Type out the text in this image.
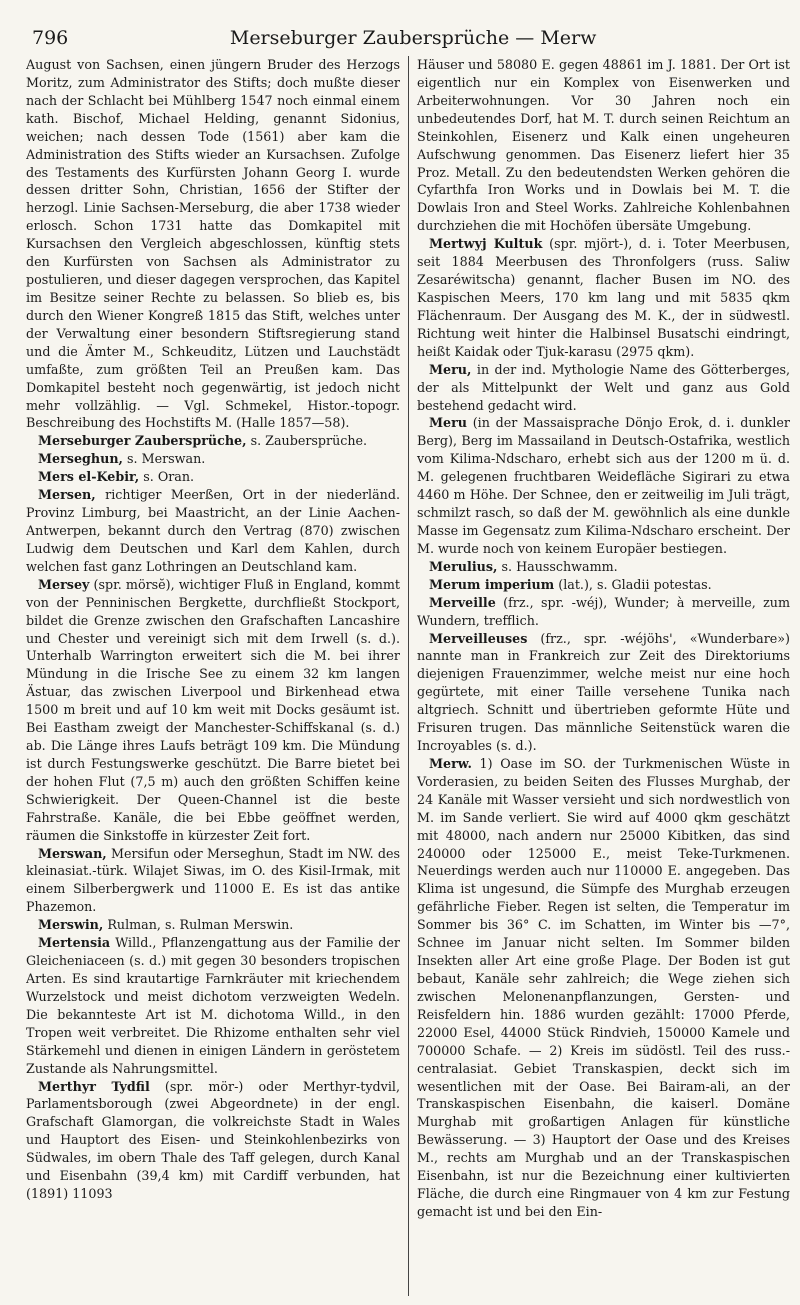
796	Merseburger Zaubersprüche — Merw

August von Sachsen, einen jüngern Bruder des Herzogs Moritz, zum Administrator des Stifts; doch mußte dieser nach der Schlacht bei Mühlberg 1547 noch einmal einem kath. Bischof, Michael Helding, genannt Sidonius, weichen; nach dessen Tode (1561) aber kam die Administration des Stifts wieder an Kursachsen. Zufolge des Testaments des Kurfürsten Johann Georg I. wurde dessen dritter Sohn, Christian, 1656 der Stifter der herzogl. Linie Sachsen-Merseburg, die aber 1738 wieder erlosch. Schon 1731 hatte das Domkapitel mit Kursachsen den Vergleich abgeschlossen, künftig stets den Kurfürsten von Sachsen als Administrator zu postulieren, und dieser dagegen versprochen, das Kapitel im Besitze seiner Rechte zu belassen. So blieb es, bis durch den Wiener Kongreß 1815 das Stift, welches unter der Verwaltung einer besondern Stiftsregierung stand und die Ämter M., Schkeuditz, Lützen und Lauchstädt umfaßte, zum größten Teil an Preußen kam. Das Domkapitel besteht noch gegenwärtig, ist jedoch nicht mehr vollzählig. — Vgl. Schmekel, Histor.-topogr. Beschreibung des Hochstifts M. (Halle 1857—58).

Merseburger Zaubersprüche, s. Zaubersprüche.

Merseghun, s. Merswan.

Mers el-Kebir, s. Oran.

Mersen, richtiger Meerßen, Ort in der niederländ. Provinz Limburg, bei Maastricht, an der Linie Aachen-Antwerpen, bekannt durch den Vertrag (870) zwischen Ludwig dem Deutschen und Karl dem Kahlen, durch welchen fast ganz Lothringen an Deutschland kam.

Mersey (spr. mörsĕ), wichtiger Fluß in England, kommt von der Penninischen Bergkette, durchfließt Stockport, bildet die Grenze zwischen den Grafschaften Lancashire und Chester und vereinigt sich mit dem Irwell (s. d.). Unterhalb Warrington erweitert sich die M. bei ihrer Mündung in die Irische See zu einem 32 km langen Ästuar, das zwischen Liverpool und Birkenhead etwa 1500 m breit und auf 10 km weit mit Docks gesäumt ist. Bei Eastham zweigt der Manchester-Schiffskanal (s. d.) ab. Die Länge ihres Laufs beträgt 109 km. Die Mündung ist durch Festungswerke geschützt. Die Barre bietet bei der hohen Flut (7,5 m) auch den größten Schiffen keine Schwierigkeit. Der Queen-Channel ist die beste Fahrstraße. Kanäle, die bei Ebbe geöffnet werden, räumen die Sinkstoffe in kürzester Zeit fort.

Merswan, Mersifun oder Merseghun, Stadt im NW. des kleinasiat.-türk. Wilajet Siwas, im O. des Kisil-Irmak, mit einem Silberbergwerk und 11000 E. Es ist das antike Phazemon.

Merswin, Rulman, s. Rulman Merswin.

Mertensia Willd., Pflanzengattung aus der Familie der Gleicheniaceen (s. d.) mit gegen 30 besonders tropischen Arten. Es sind krautartige Farnkräuter mit kriechendem Wurzelstock und meist dichotom verzweigten Wedeln. Die bekannteste Art ist M. dichotoma Willd., in den Tropen weit verbreitet. Die Rhizome enthalten sehr viel Stärkemehl und dienen in einigen Ländern in geröstetem Zustande als Nahrungsmittel.

Merthyr Tydfil (spr. mör-) oder Merthyr-tydvil, Parlamentsborough (zwei Abgeordnete) in der engl. Grafschaft Glamorgan, die volkreichste Stadt in Wales und Hauptort des Eisen- und Steinkohlenbezirks von Südwales, im obern Thale des Taff gelegen, durch Kanal und Eisenbahn (39,4 km) mit Cardiff verbunden, hat (1891) 11093

Häuser und 58080 E. gegen 48861 im J. 1881. Der Ort ist eigentlich nur ein Komplex von Eisenwerken und Arbeiterwohnungen. Vor 30 Jahren noch ein unbedeutendes Dorf, hat M. T. durch seinen Reichtum an Steinkohlen, Eisenerz und Kalk einen ungeheuren Aufschwung genommen. Das Eisenerz liefert hier 35 Proz. Metall. Zu den bedeutendsten Werken gehören die Cyfarthfa Iron Works und in Dowlais bei M. T. die Dowlais Iron and Steel Works. Zahlreiche Kohlenbahnen durchziehen die mit Hochöfen übersäte Umgebung.

Mertwyj Kultuk (spr. mjört-), d. i. Toter Meerbusen, seit 1884 Meerbusen des Thronfolgers (russ. Saliw Zesaréwitscha) genannt, flacher Busen im NO. des Kaspischen Meers, 170 km lang und mit 5835 qkm Flächenraum. Der Ausgang des M. K., der in südwestl. Richtung weit hinter die Halbinsel Busatschi eindringt, heißt Kaidak oder Tjuk-karasu (2975 qkm).

Meru, in der ind. Mythologie Name des Götterberges, der als Mittelpunkt der Welt und ganz aus Gold bestehend gedacht wird.

Meru (in der Massaisprache Dönjo Erok, d. i. dunkler Berg), Berg im Massailand in Deutsch-Ostafrika, westlich vom Kilima-Ndscharo, erhebt sich aus der 1200 m ü. d. M. gelegenen fruchtbaren Weidefläche Sigirari zu etwa 4460 m Höhe. Der Schnee, den er zeitweilig im Juli trägt, schmilzt rasch, so daß der M. gewöhnlich als eine dunkle Masse im Gegensatz zum Kilima-Ndscharo erscheint. Der M. wurde noch von keinem Europäer bestiegen.

Merulius, s. Hausschwamm.

Merum imperium (lat.), s. Gladii potestas.

Merveille (frz., spr. -wéj), Wunder; à merveille, zum Wundern, trefflich.

Merveilleuses (frz., spr. -wéjöhs', «Wunderbare») nannte man in Frankreich zur Zeit des Direktoriums diejenigen Frauenzimmer, welche meist nur eine hoch gegürtete, mit einer Taille versehene Tunika nach altgriech. Schnitt und übertrieben geformte Hüte und Frisuren trugen. Das männliche Seitenstück waren die Incroyables (s. d.).

Merw. 1) Oase im SO. der Turkmenischen Wüste in Vorderasien, zu beiden Seiten des Flusses Murghab, der 24 Kanäle mit Wasser versieht und sich nordwestlich von M. im Sande verliert. Sie wird auf 4000 qkm geschätzt mit 48000, nach andern nur 25000 Kibitken, das sind 240000 oder 125000 E., meist Teke-Turkmenen. Neuerdings werden auch nur 110000 E. angegeben. Das Klima ist ungesund, die Sümpfe des Murghab erzeugen gefährliche Fieber. Regen ist selten, die Temperatur im Sommer bis 36° C. im Schatten, im Winter bis —7°, Schnee im Januar nicht selten. Im Sommer bilden Insekten aller Art eine große Plage. Der Boden ist gut bebaut, Kanäle sehr zahlreich; die Wege ziehen sich zwischen Melonenanpflanzungen, Gersten- und Reisfeldern hin. 1886 wurden gezählt: 17000 Pferde, 22000 Esel, 44000 Stück Rindvieh, 150000 Kamele und 700000 Schafe. — 2) Kreis im südöstl. Teil des russ.-centralasiat. Gebiet Transkaspien, deckt sich im wesentlichen mit der Oase. Bei Bairam-ali, an der Transkaspischen Eisenbahn, die kaiserl. Domäne Murghab mit großartigen Anlagen für künstliche Bewässerung. — 3) Hauptort der Oase und des Kreises M., rechts am Murghab und an der Transkaspischen Eisenbahn, ist nur die Bezeichnung einer kultivierten Fläche, die durch eine Ringmauer von 4 km zur Festung gemacht ist und bei den Ein-
